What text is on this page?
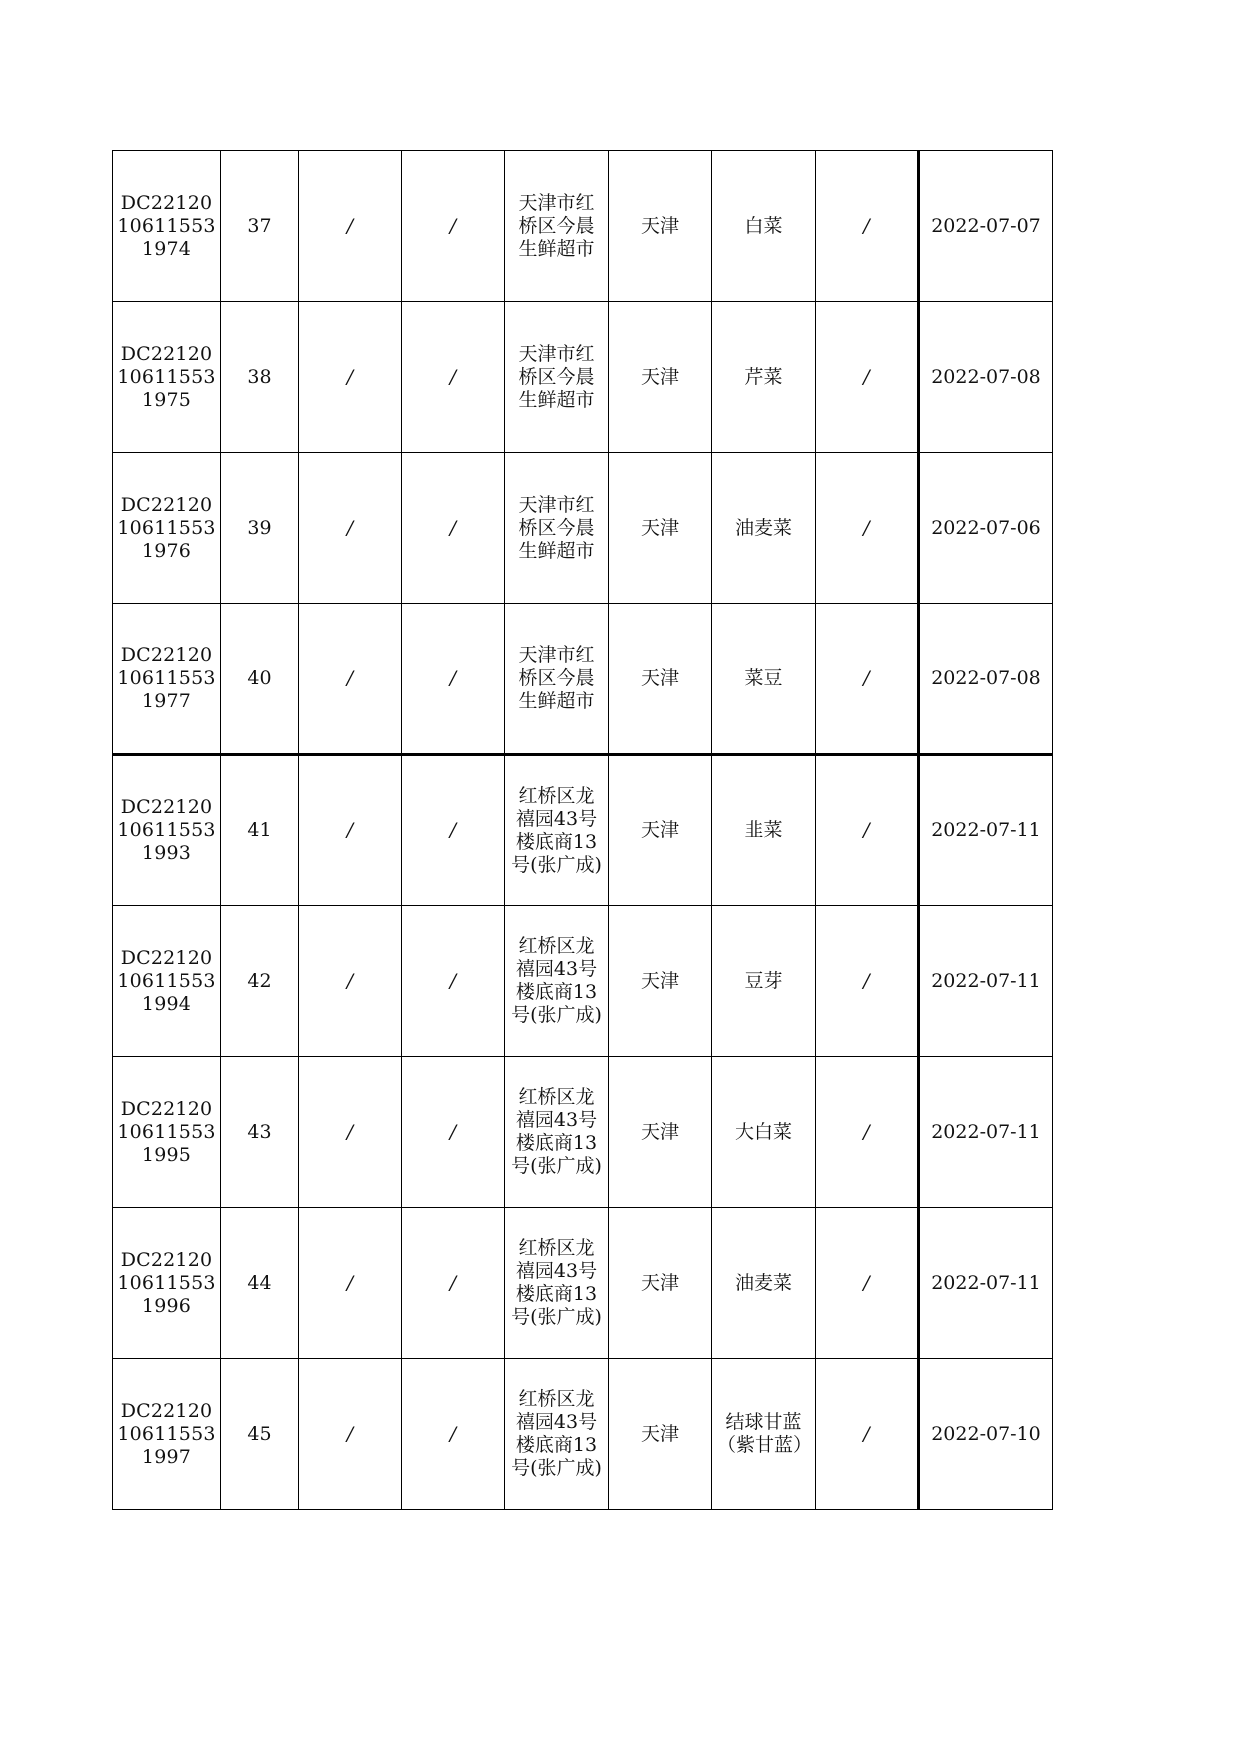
DC22120106115531974	37	/	/	天津市红桥区今晨生鲜超市	天津	白菜	/	2022-07-07
DC22120106115531975	38	/	/	天津市红桥区今晨生鲜超市	天津	芹菜	/	2022-07-08
DC22120106115531976	39	/	/	天津市红桥区今晨生鲜超市	天津	油麦菜	/	2022-07-06
DC22120106115531977	40	/	/	天津市红桥区今晨生鲜超市	天津	菜豆	/	2022-07-08
DC22120106115531993	41	/	/	红桥区龙禧园43号楼底商13号(张广成)	天津	韭菜	/	2022-07-11
DC22120106115531994	42	/	/	红桥区龙禧园43号楼底商13号(张广成)	天津	豆芽	/	2022-07-11
DC22120106115531995	43	/	/	红桥区龙禧园43号楼底商13号(张广成)	天津	大白菜	/	2022-07-11
DC22120106115531996	44	/	/	红桥区龙禧园43号楼底商13号(张广成)	天津	油麦菜	/	2022-07-11
DC22120106115531997	45	/	/	红桥区龙禧园43号楼底商13号(张广成)	天津	结球甘蓝（紫甘蓝）	/	2022-07-10
